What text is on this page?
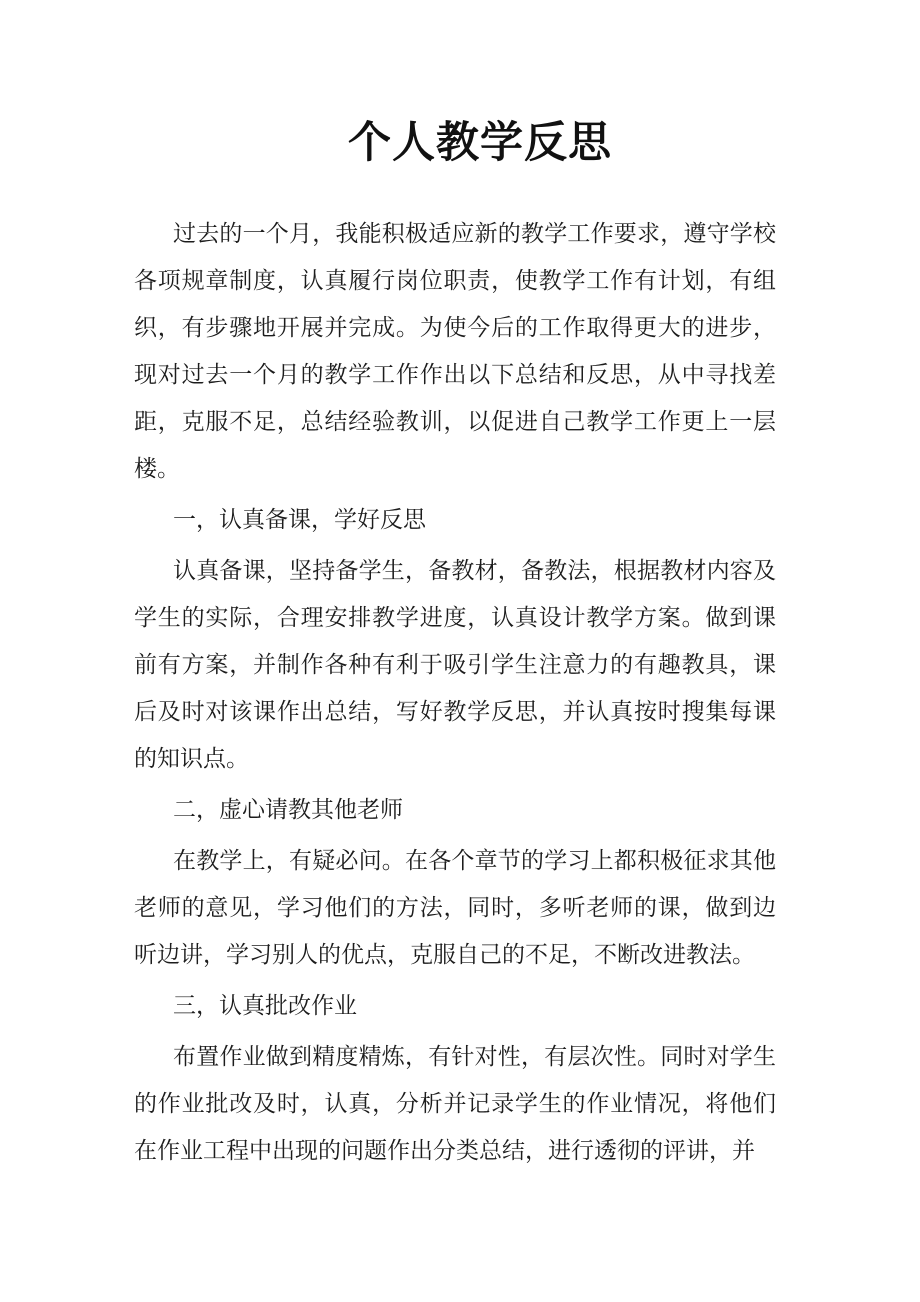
个人教学反思

过去的一个月，我能积极适应新的教学工作要求，遵守学校各项规章制度，认真履行岗位职责，使教学工作有计划，有组织，有步骤地开展并完成。为使今后的工作取得更大的进步，现对过去一个月的教学工作作出以下总结和反思，从中寻找差距，克服不足，总结经验教训，以促进自己教学工作更上一层楼。

一，认真备课，学好反思

认真备课，坚持备学生，备教材，备教法，根据教材内容及学生的实际，合理安排教学进度，认真设计教学方案。做到课前有方案，并制作各种有利于吸引学生注意力的有趣教具，课后及时对该课作出总结，写好教学反思，并认真按时搜集每课的知识点。

二，虚心请教其他老师

在教学上，有疑必问。在各个章节的学习上都积极征求其他老师的意见，学习他们的方法，同时，多听老师的课，做到边听边讲，学习别人的优点，克服自己的不足，不断改进教法。

三，认真批改作业

布置作业做到精度精炼，有针对性，有层次性。同时对学生的作业批改及时，认真，分析并记录学生的作业情况，将他们在作业工程中出现的问题作出分类总结，进行透彻的评讲，并
